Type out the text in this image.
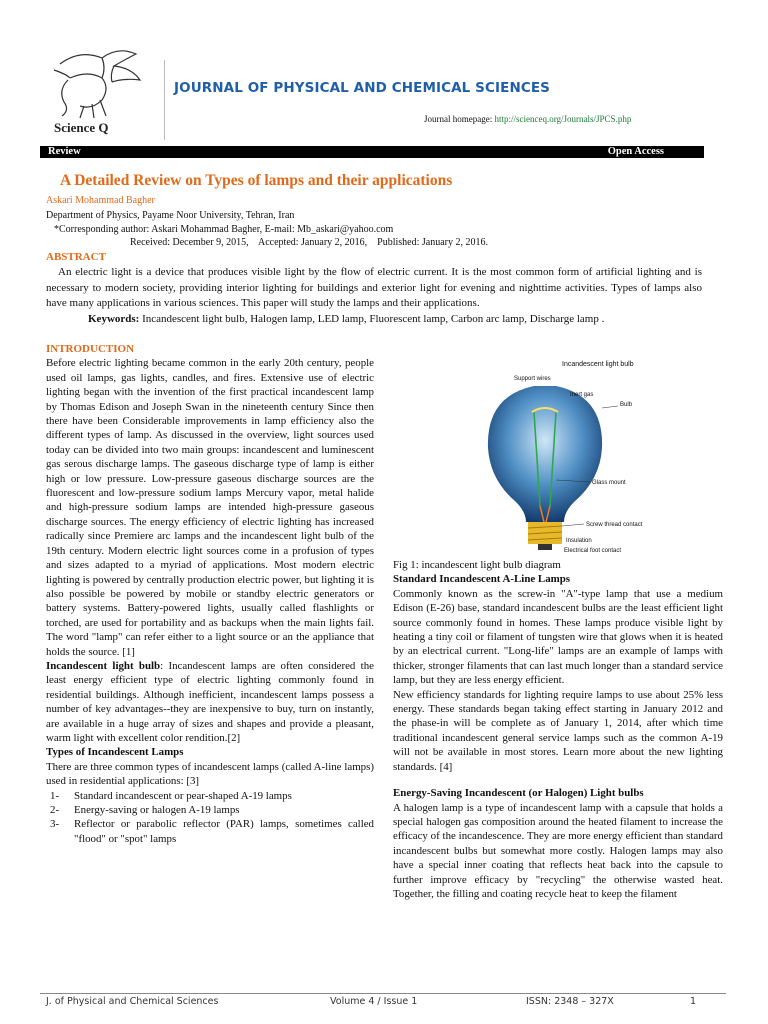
Science Q
JOURNAL OF PHYSICAL AND CHEMICAL SCIENCES
Journal homepage: http://scienceq.org/Journals/JPCS.php
Review	Open Access
A Detailed Review on Types of lamps and their applications
Askari Mohammad Bagher
Department of Physics, Payame Noor University, Tehran, Iran
*Corresponding author: Askari Mohammad Bagher, E-mail: Mb_askari@yahoo.com
Received: December 9, 2015,    Accepted: January 2, 2016,    Published: January 2, 2016.
ABSTRACT
An electric light is a device that produces visible light by the flow of electric current. It is the most common form of artificial lighting and is necessary to modern society, providing interior lighting for buildings and exterior light for evening and nighttime activities. Types of lamps also have many applications in various sciences. This paper will study the lamps and their applications.
Keywords: Incandescent light bulb, Halogen lamp, LED lamp, Fluorescent lamp, Carbon arc lamp, Discharge lamp .
INTRODUCTION

Before electric lighting became common in the early 20th century, people used oil lamps, gas lights, candles, and fires. Extensive use of electric lighting began with the invention of the first practical incandescent lamp by Thomas Edison and Joseph Swan in the nineteenth century Since then there have been Considerable improvements in lamp efficiency also the different types of lamp. As discussed in the overview, light sources used today can be divided into two main groups: incandescent and luminescent gas serous discharge lamps. The gaseous discharge type of lamp is either high or low pressure. Low-pressure gaseous discharge sources are the fluorescent and low-pressure sodium lamps Mercury vapor, metal halide and high-pressure sodium lamps are intended high-pressure gaseous discharge sources. The energy efficiency of electric lighting has increased radically since Premiere arc lamps and the incandescent light bulb of the 19th century. Modern electric light sources come in a profusion of types and sizes adapted to a myriad of applications. Most modern electric lighting is powered by centrally production electric power, but lighting it is also possible be powered by mobile or standby electric generators or battery systems. Battery-powered lights, usually called flashlights or torched, are used for portability and as backups when the main lights fail. The word "lamp" can refer either to a light source or an the appliance that holds the source. [1]

Incandescent light bulb: Incandescent lamps are often considered the least energy efficient type of electric lighting commonly found in residential buildings. Although inefficient, incandescent lamps possess a number of key advantages--they are inexpensive to buy, turn on instantly, are available in a huge array of sizes and shapes and provide a pleasant, warm light with excellent color rendition.[2]

Types of Incandescent Lamps

There are three common types of incandescent lamps (called A-line lamps) used in residential applications: [3]

1-	Standard incandescent or pear-shaped A-19 lamps
2-	Energy-saving or halogen A-19 lamps
3-	Reflector or parabolic reflector (PAR) lamps, sometimes called "flood" or "spot" lamps
Incandescent light bulb
Support wires
Inert gas
Bulb
Glass mount
Screw thread contact
Insulation
Electrical foot contact

Fig 1: incandescent light bulb diagram

Standard Incandescent A-Line Lamps

Commonly known as the screw-in "A"-type lamp that use a medium Edison (E-26) base, standard incandescent bulbs are the least efficient light source commonly found in homes. These lamps produce visible light by heating a tiny coil or filament of tungsten wire that glows when it is heated by an electrical current. "Long-life" lamps are an example of lamps with thicker, stronger filaments that can last much longer than a standard service lamp, but they are less energy efficient.

New efficiency standards for lighting require lamps to use about 25% less energy. These standards began taking effect starting in January 2012 and the phase-in will be complete as of January 1, 2014, after which time traditional incandescent general service lamps such as the common A-19 will not be available in most stores. Learn more about the new lighting standards. [4]

Energy-Saving Incandescent (or Halogen) Light bulbs

A halogen lamp is a type of incandescent lamp with a capsule that holds a special halogen gas composition around the heated filament to increase the efficacy of the incandescence. They are more energy efficient than standard incandescent bulbs but somewhat more costly. Halogen lamps may also have a special inner coating that reflects heat back into the capsule to further improve efficacy by "recycling" the otherwise wasted heat. Together, the filling and coating recycle heat to keep the filament

J. of Physical and Chemical Sciences	Volume 4 / Issue 1	ISSN: 2348 – 327X	1
